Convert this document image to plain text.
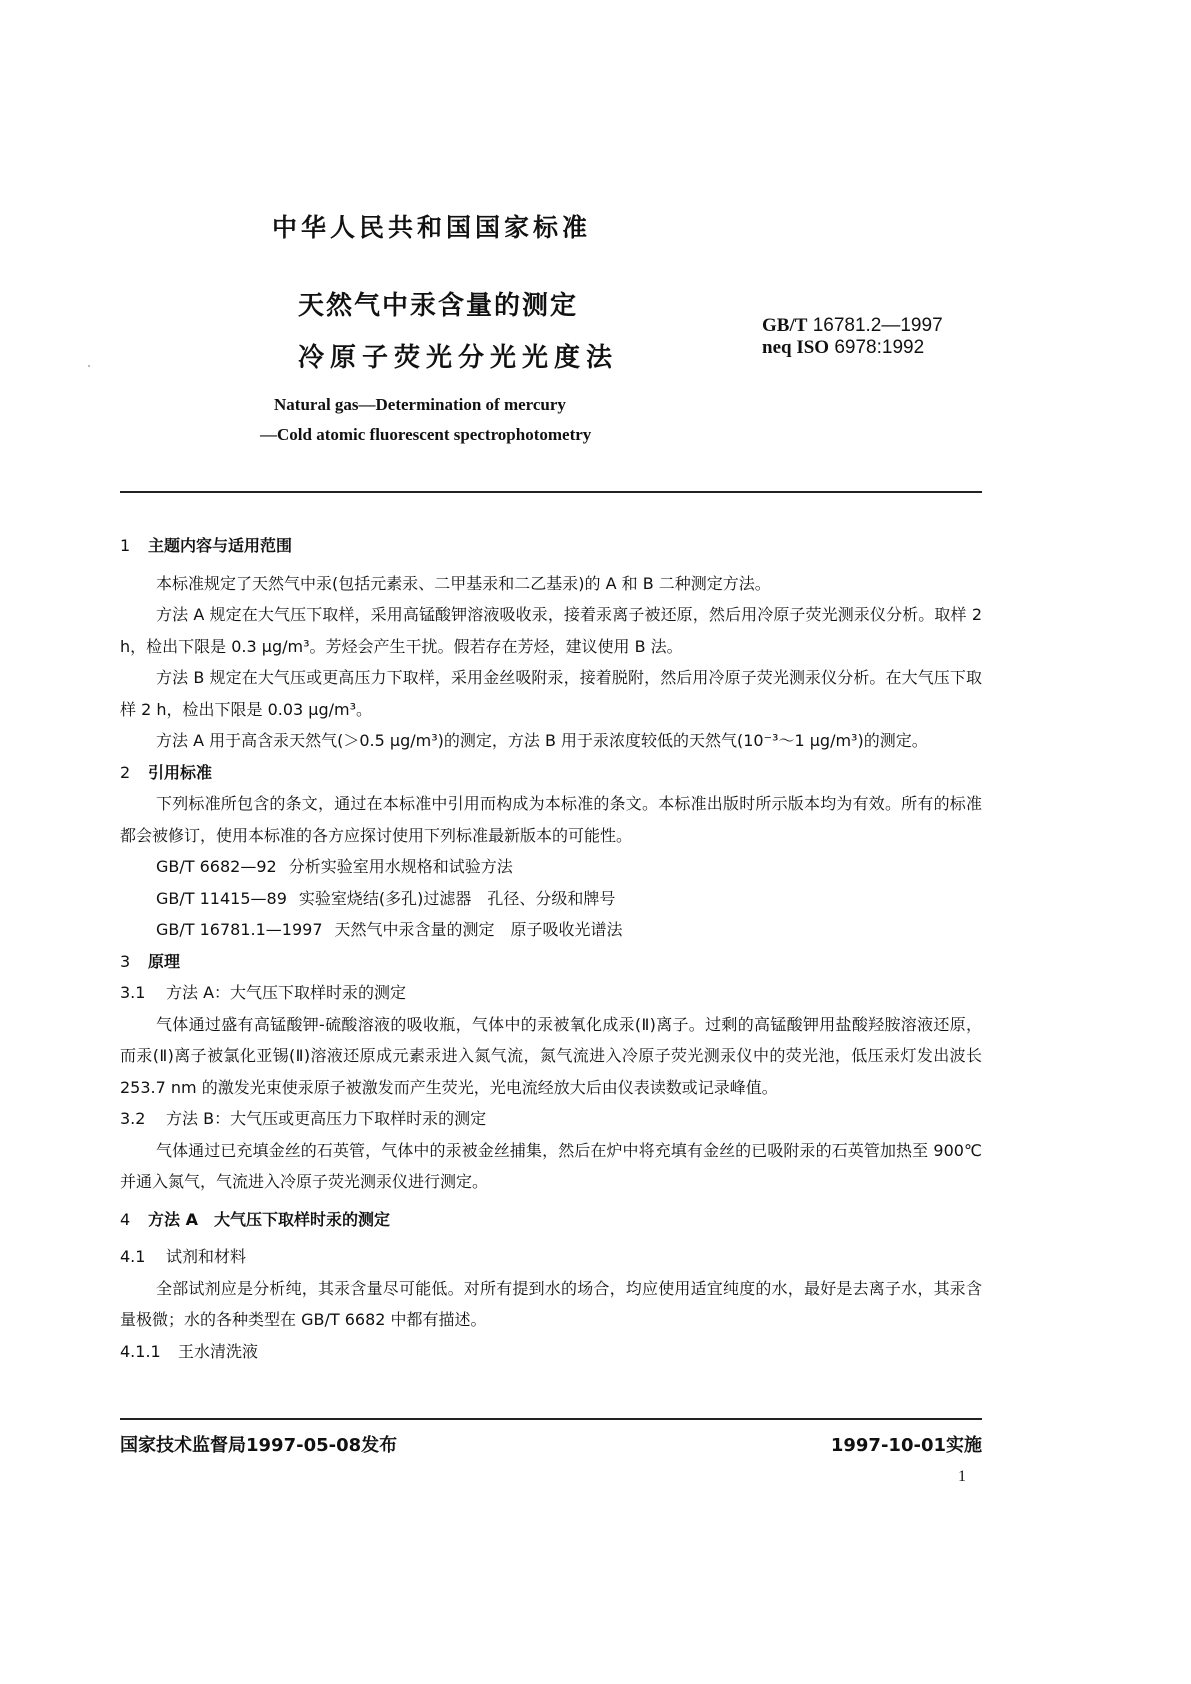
中华人民共和国国家标准
天然气中汞含量的测定
冷原子荧光分光光度法
GB/T 16781.2—1997
neq ISO 6978:1992
Natural gas—Determination of mercury
—Cold atomic fluorescent spectrophotometry

1 主题内容与适用范围

本标准规定了天然气中汞(包括元素汞、二甲基汞和二乙基汞)的 A 和 B 二种测定方法。

方法 A 规定在大气压下取样，采用高锰酸钾溶液吸收汞，接着汞离子被还原，然后用冷原子荧光测汞仪分析。取样 2 h，检出下限是 0.3 μg/m³。芳烃会产生干扰。假若存在芳烃，建议使用 B 法。

方法 B 规定在大气压或更高压力下取样，采用金丝吸附汞，接着脱附，然后用冷原子荧光测汞仪分析。在大气压下取样 2 h，检出下限是 0.03 μg/m³。

方法 A 用于高含汞天然气(＞0.5 μg/m³)的测定，方法 B 用于汞浓度较低的天然气(10⁻³～1 μg/m³)的测定。

2 引用标准

下列标准所包含的条文，通过在本标准中引用而构成为本标准的条文。本标准出版时所示版本均为有效。所有的标准都会被修订，使用本标准的各方应探讨使用下列标准最新版本的可能性。

GB/T 6682—92 分析实验室用水规格和试验方法

GB/T 11415—89 实验室烧结(多孔)过滤器　孔径、分级和牌号

GB/T 16781.1—1997 天然气中汞含量的测定　原子吸收光谱法

3 原理

3.1 方法 A：大气压下取样时汞的测定

气体通过盛有高锰酸钾-硫酸溶液的吸收瓶，气体中的汞被氧化成汞(Ⅱ)离子。过剩的高锰酸钾用盐酸羟胺溶液还原，而汞(Ⅱ)离子被氯化亚锡(Ⅱ)溶液还原成元素汞进入氮气流，氮气流进入冷原子荧光测汞仪中的荧光池，低压汞灯发出波长 253.7 nm 的激发光束使汞原子被激发而产生荧光，光电流经放大后由仪表读数或记录峰值。

3.2 方法 B：大气压或更高压力下取样时汞的测定

气体通过已充填金丝的石英管，气体中的汞被金丝捕集，然后在炉中将充填有金丝的已吸附汞的石英管加热至 900℃并通入氮气，气流进入冷原子荧光测汞仪进行测定。

4 方法 A　大气压下取样时汞的测定

4.1 试剂和材料

全部试剂应是分析纯，其汞含量尽可能低。对所有提到水的场合，均应使用适宜纯度的水，最好是去离子水，其汞含量极微；水的各种类型在 GB/T 6682 中都有描述。

4.1.1 王水清洗液

国家技术监督局1997-05-08发布	1997-10-01实施
1
